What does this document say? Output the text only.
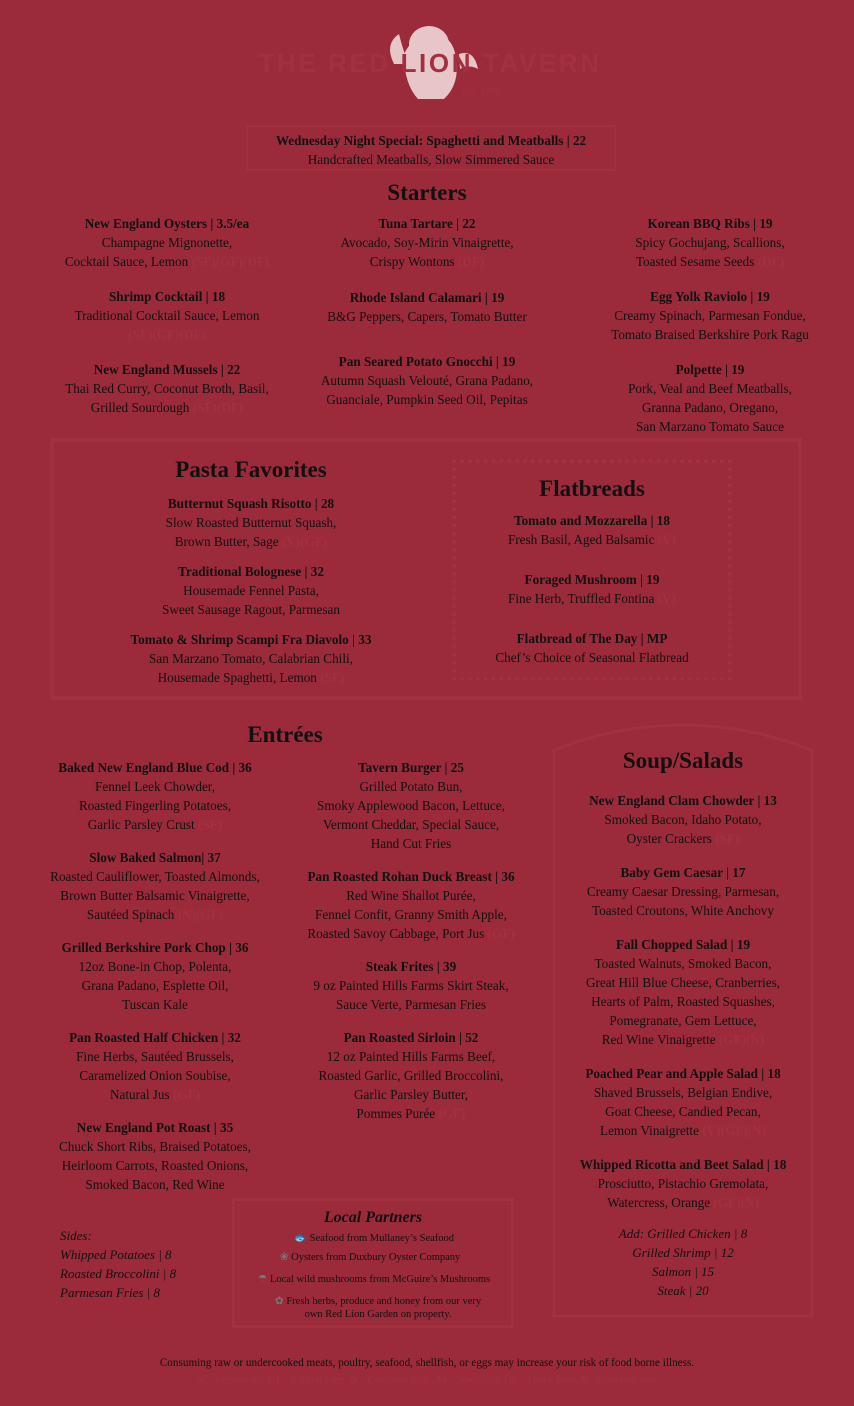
THE RED LION TAVERN
Est. 1704
Wednesday Night Special: Spaghetti and Meatballs | 22
Handcrafted Meatballs, Slow Simmered Sauce
Starters
New England Oysters | 3.5/ea
Champagne Mignonette,
Cocktail Sauce, Lemon (SF)(GF)(DF)
Shrimp Cocktail | 18
Traditional Cocktail Sauce, Lemon
(SF)(GF)(DF)
New England Mussels | 22
Thai Red Curry, Coconut Broth, Basil,
Grilled Sourdough (SF)(DF)
Tuna Tartare | 22
Avocado, Soy-Mirin Vinaigrette,
Crispy Wontons (DF)
Rhode Island Calamari | 19
B&G Peppers, Capers, Tomato Butter
Pan Seared Potato Gnocchi | 19
Autumn Squash Velouté, Grana Padano,
Guanciale, Pumpkin Seed Oil, Pepitas
Korean BBQ Ribs | 19
Spicy Gochujang, Scallions,
Toasted Sesame Seeds (DF)
Egg Yolk Raviolo | 19
Creamy Spinach, Parmesan Fondue,
Tomato Braised Berkshire Pork Ragu
Polpette | 19
Pork, Veal and Beef Meatballs,
Granna Padano, Oregano,
San Marzano Tomato Sauce
Pasta Favorites
Butternut Squash Risotto | 28
Slow Roasted Butternut Squash,
Brown Butter, Sage (V)(GF)
Traditional Bolognese | 32
Housemade Fennel Pasta,
Sweet Sausage Ragout, Parmesan
Tomato & Shrimp Scampi Fra Diavolo | 33
San Marzano Tomato, Calabrian Chili,
Housemade Spaghetti, Lemon (SF)
Flatbreads
Tomato and Mozzarella | 18
Fresh Basil, Aged Balsamic (V)
Foraged Mushroom | 19
Fine Herb, Truffled Fontina (V)
Flatbread of The Day | MP
Chef’s Choice of Seasonal Flatbread
Entrées
Baked New England Blue Cod | 36
Fennel Leek Chowder,
Roasted Fingerling Potatoes,
Garlic Parsley Crust (SF)
Slow Baked Salmon| 37
Roasted Cauliflower, Toasted Almonds,
Brown Butter Balsamic Vinaigrette,
Sautéed Spinach (N)(GF)
Grilled Berkshire Pork Chop | 36
12oz Bone-in Chop, Polenta,
Grana Padano, Esplette Oil,
Tuscan Kale
Pan Roasted Half Chicken | 32
Fine Herbs, Sautéed Brussels,
Caramelized Onion Soubise,
Natural Jus (GF)
New England Pot Roast | 35
Chuck Short Ribs, Braised Potatoes,
Heirloom Carrots, Roasted Onions,
Smoked Bacon, Red Wine
Tavern Burger | 25
Grilled Potato Bun,
Smoky Applewood Bacon, Lettuce,
Vermont Cheddar, Special Sauce,
Hand Cut Fries
Pan Roasted Rohan Duck Breast | 36
Red Wine Shallot Purée,
Fennel Confit, Granny Smith Apple,
Roasted Savoy Cabbage, Port Jus (GF)
Steak Frites | 39
9 oz Painted Hills Farms Skirt Steak,
Sauce Verte, Parmesan Fries
Pan Roasted Sirloin | 52
12 oz Painted Hills Farms Beef,
Roasted Garlic, Grilled Broccolini,
Garlic Parsley Butter,
Pommes Purée (GF)
Soup/Salads
New England Clam Chowder | 13
Smoked Bacon, Idaho Potato,
Oyster Crackers (SF)
Baby Gem Caesar | 17
Creamy Caesar Dressing, Parmesan,
Toasted Croutons, White Anchovy
Fall Chopped Salad | 19
Toasted Walnuts, Smoked Bacon,
Great Hill Blue Cheese, Cranberries,
Hearts of Palm, Roasted Squashes,
Pomegranate, Gem Lettuce,
Red Wine Vinaigrette (GF)(N)
Poached Pear and Apple Salad | 18
Shaved Brussels, Belgian Endive,
Goat Cheese, Candied Pecan,
Lemon Vinaigrette (V)(GF)(N)
Whipped Ricotta and Beet Salad | 18
Prosciutto, Pistachio Gremolata,
Watercress, Orange (GF)(N)
Add: Grilled Chicken | 8
Grilled Shrimp | 12
Salmon | 15
Steak | 20
Sides:
Whipped Potatoes | 8
Roasted Broccolini | 8
Parmesan Fries | 8
Local Partners
🐟 Seafood from Mullaney’s Seafood
❀ Oysters from Duxbury Oyster Company
☂ Local wild mushrooms from McGuire’s Mushrooms
✿ Fresh herbs, produce and honey from our very
own Red Lion Garden on property.
Consuming raw or undercooked meats, poultry, seafood, shellfish, or eggs may increase your risk of food borne illness.
V - Vegetarian, GF - Gluten Free, N - Contains Nuts, SF - Shellfish, DF - Dairy Free, S - Contains Soy
